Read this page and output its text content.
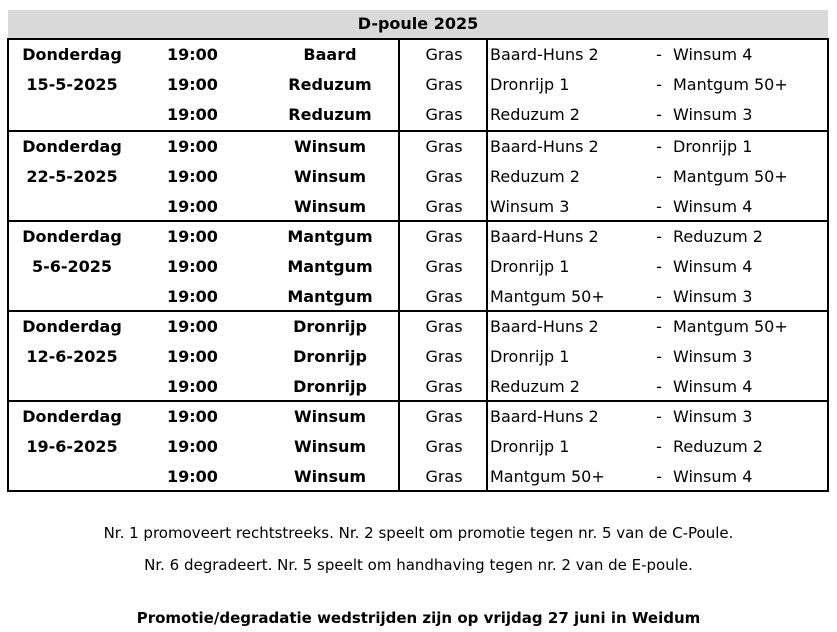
D-poule 2025
Donderdag
15-5-2025
19:00	Baard	Gras	Baard-Huns 2	- Winsum 4
19:00	Reduzum	Gras	Dronrijp 1	- Mantgum 50+
19:00	Reduzum	Gras	Reduzum 2	- Winsum 3
Donderdag
22-5-2025
19:00	Winsum	Gras	Baard-Huns 2	- Dronrijp 1
19:00	Winsum	Gras	Reduzum 2	- Mantgum 50+
19:00	Winsum	Gras	Winsum 3	- Winsum 4
Donderdag
5-6-2025
19:00	Mantgum	Gras	Baard-Huns 2	- Reduzum 2
19:00	Mantgum	Gras	Dronrijp 1	- Winsum 4
19:00	Mantgum	Gras	Mantgum 50+	- Winsum 3
Donderdag
12-6-2025
19:00	Dronrijp	Gras	Baard-Huns 2	- Mantgum 50+
19:00	Dronrijp	Gras	Dronrijp 1	- Winsum 3
19:00	Dronrijp	Gras	Reduzum 2	- Winsum 4
Donderdag
19-6-2025
19:00	Winsum	Gras	Baard-Huns 2	- Winsum 3
19:00	Winsum	Gras	Dronrijp 1	- Reduzum 2
19:00	Winsum	Gras	Mantgum 50+	- Winsum 4
Nr. 1 promoveert rechtstreeks. Nr. 2 speelt om promotie tegen nr. 5 van de C-Poule.
Nr. 6 degradeert. Nr. 5 speelt om handhaving tegen nr. 2 van de E-poule.
Promotie/degradatie wedstrijden zijn op vrijdag 27 juni in Weidum
